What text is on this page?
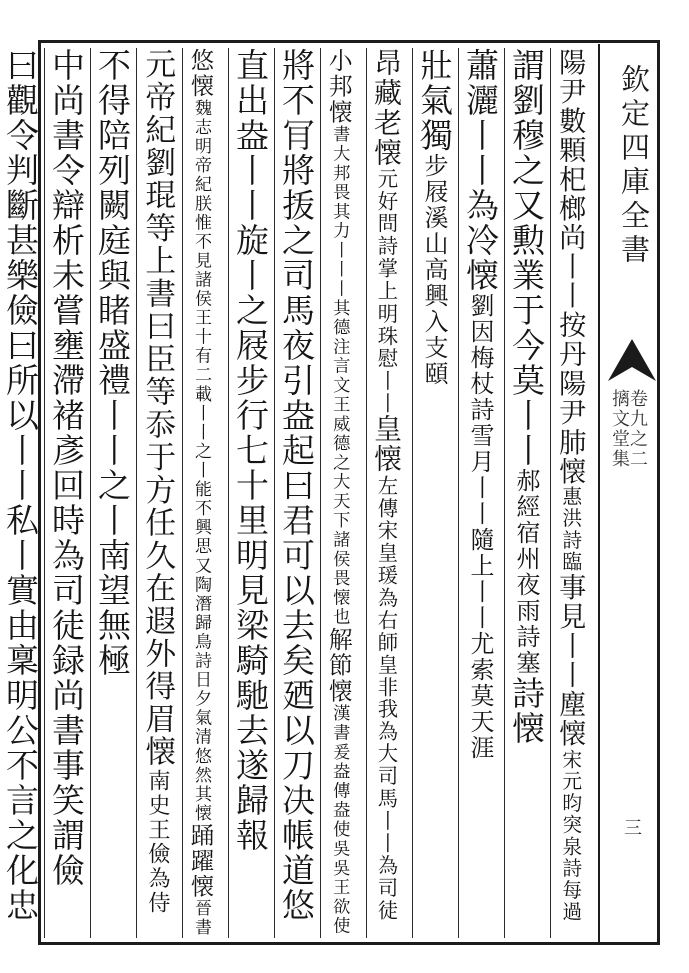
欽定四庫全書
卷九之二
摛文堂集
三
陽尹數顆𣏌榔尚
丨丨按丹陽尹
肺懐
惠洪詩臨
事見丨丨
塵懐
宋元昀突
泉詩每過
謂劉穆之又勲業于今莫丨丨
郝經宿州夜雨詩塞
詩懐
蕭灑
丨丨為
冷懐
劉因梅杖詩雪月丨丨
隨
上丨丨尤索莫天涯
壯氣獨
步屐溪山高興入支頤
昂藏
老懐
元好問詩掌上
明珠慰丨丨
皇懐
左傳宋皇瑗為右師皇非
我為大司馬丨丨為司徒
小邦懐
書大邦畏其力丨丨丨其德注言
文王威德之大天下諸侯畏懐也
解節懐
漢書爰盎傳盎
使吳吳王欲使
將不肎將㧞之司馬夜引盎起曰君可以去矣廼以刀决帳道
悠
直出盎丨丨旋丨之屐步行七十里明見梁騎馳去遂歸報
悠懐
魏志明帝紀朕惟不見諸侯王十有二載丨丨之
丨能不興思又陶潛歸鳥詩日夕氣清悠然其懐
踊躍懐
晉書
元帝紀劉琨等上書曰臣等忝于方任久在遐外
得眉懐
南史王
儉為侍
不得陪列闕庭與睹盛禮丨丨之丨南望無極
中尚書令辯析未嘗壅滯褚彥回時為司徒録尚書事笑謂儉
曰觀令判斷甚樂儉曰所以丨丨私丨實由稟明公不言之化
忠
